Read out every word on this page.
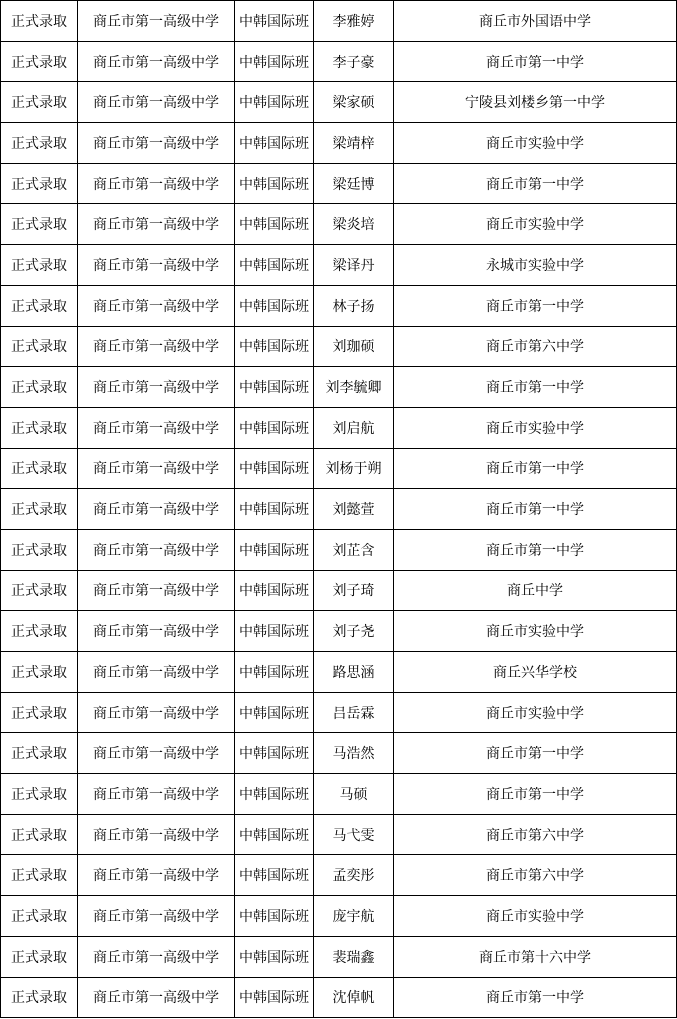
正式录取	商丘市第一高级中学	中韩国际班	李雅婷	商丘市外国语中学
正式录取	商丘市第一高级中学	中韩国际班	李子豪	商丘市第一中学
正式录取	商丘市第一高级中学	中韩国际班	梁家硕	宁陵县刘楼乡第一中学
正式录取	商丘市第一高级中学	中韩国际班	梁靖梓	商丘市实验中学
正式录取	商丘市第一高级中学	中韩国际班	梁廷博	商丘市第一中学
正式录取	商丘市第一高级中学	中韩国际班	梁炎培	商丘市实验中学
正式录取	商丘市第一高级中学	中韩国际班	梁译丹	永城市实验中学
正式录取	商丘市第一高级中学	中韩国际班	林子扬	商丘市第一中学
正式录取	商丘市第一高级中学	中韩国际班	刘珈硕	商丘市第六中学
正式录取	商丘市第一高级中学	中韩国际班	刘李毓卿	商丘市第一中学
正式录取	商丘市第一高级中学	中韩国际班	刘启航	商丘市实验中学
正式录取	商丘市第一高级中学	中韩国际班	刘杨于朔	商丘市第一中学
正式录取	商丘市第一高级中学	中韩国际班	刘懿萱	商丘市第一中学
正式录取	商丘市第一高级中学	中韩国际班	刘芷含	商丘市第一中学
正式录取	商丘市第一高级中学	中韩国际班	刘子琦	商丘中学
正式录取	商丘市第一高级中学	中韩国际班	刘子尧	商丘市实验中学
正式录取	商丘市第一高级中学	中韩国际班	路思涵	商丘兴华学校
正式录取	商丘市第一高级中学	中韩国际班	吕岳霖	商丘市实验中学
正式录取	商丘市第一高级中学	中韩国际班	马浩然	商丘市第一中学
正式录取	商丘市第一高级中学	中韩国际班	马硕	商丘市第一中学
正式录取	商丘市第一高级中学	中韩国际班	马弋雯	商丘市第六中学
正式录取	商丘市第一高级中学	中韩国际班	孟奕彤	商丘市第六中学
正式录取	商丘市第一高级中学	中韩国际班	庞宇航	商丘市实验中学
正式录取	商丘市第一高级中学	中韩国际班	裴瑞鑫	商丘市第十六中学
正式录取	商丘市第一高级中学	中韩国际班	沈倬帆	商丘市第一中学
